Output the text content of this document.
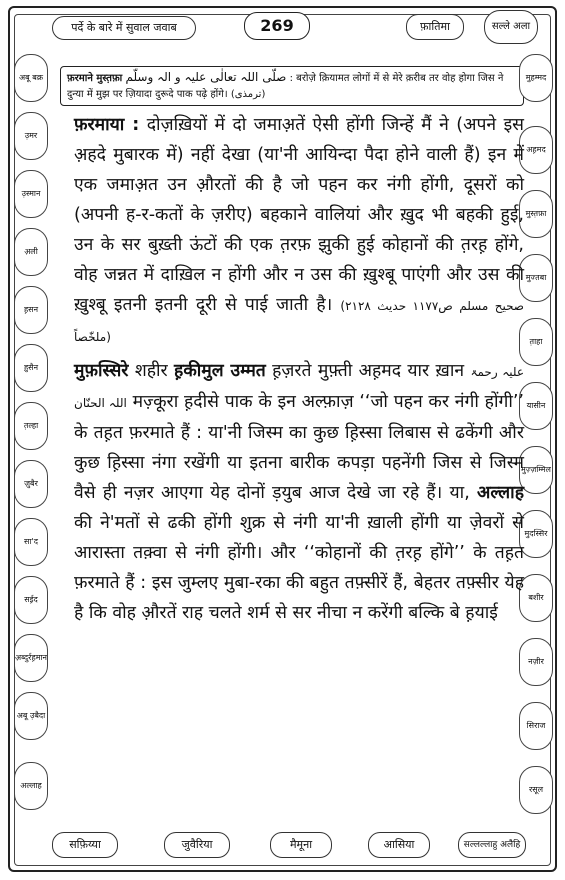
पर्दे के बारे में सुवाल जवाब	269	फ़ातिमा	सल्ले अला
फ़रमाने मुस्त़फ़ा صلّی اللہ تعالٰی علیہ و الہ وسلّم : बरोज़े क़ियामत लोगों में से मेरे क़रीब तर वोह होगा जिस ने दुन्या में मुझ पर ज़ियादा दुरूदे पाक पढ़े होंगे। (ترمذی)
अबू बक्र
उ़मर
उ़स्मान
अ़ली
ह़सन
ह़ुसैन
त़ल्हा
ज़ुबैर
सा'द
सई़द
अ़ब्दुर्रह़मान
अबू उ़बैदा
अल्लाह
मुहम्मद
अह़मद
मुस्त़फ़ा
मुज्तबा
त़ाहा
यासीन
मुज़्ज़म्मिल
मुदस्सिर
बशीर
नज़ीर
सिराज
रसूल
सफ़िय्या	जुवैरिया	मैमूना	आसिया	सल्लल्लाहु अलैहि

फ़रमाया : दोज़ख़ियों में दो जमाअ़तें ऐसी होंगी जिन्हें मैं ने (अपने इस अ़हदे मुबारक में) नहीं देखा (या'नी आयिन्दा पैदा होने वाली हैं) इन में एक जमाअ़त उन औ़रतों की है जो पहन कर नंगी होंगी, दूसरों को (अपनी ह-र-कतों के ज़रीए) बहकाने वालियां और ख़ुद भी बहकी हुई, उन के सर बुख़्ती ऊंटों की एक त़रफ़ झुकी हुई कोहानों की त़रह़ होंगे, वोह जन्नत में दाख़िल न होंगी और न उस की ख़ुश्बू पाएंगी और उस की ख़ुश्बू इतनी इतनी दूरी से पाई जाती है। (صحیح مسلم ص۱۱۷۷ حدیث ۲۱۲۸ ملخّصاً)

मुफ़स्सिरे शहीर ह़कीमुल उम्मत ह़ज़रते मुफ़्ती अह़मद यार ख़ान علیہ رحمۃ اللہ الحنّان मज़्कूरा ह़दीसे पाक के इन अल्फ़ाज़ ‘‘जो पहन कर नंगी होंगी’’ के तह़त फ़रमाते हैं : या'नी जिस्म का कुछ ह़िस्सा लिबास से ढकेंगी और कुछ ह़िस्सा नंगा रखेंगी या इतना बारीक कपड़ा पहनेंगी जिस से जिस्म वैसे ही नज़र आएगा येह दोनों ड़युब आज देखे जा रहे हैं। या, अल्लाह की ने'मतों से ढकी होंगी शुक्र से नंगी या'नी ख़ाली होंगी या ज़ेवरों से आरास्ता तक़्वा से नंगी होंगी। और ‘‘कोहानों की त़रह़ होंगे’’ के तह़त फ़रमाते हैं : इस जुम्लए मुबा-रका की बहुत तफ़्सीरें हैं, बेहतर तफ़्सीर येह है कि वोह औ़रतें राह चलते शर्म से सर नीचा न करेंगी बल्कि बे ह़याई
